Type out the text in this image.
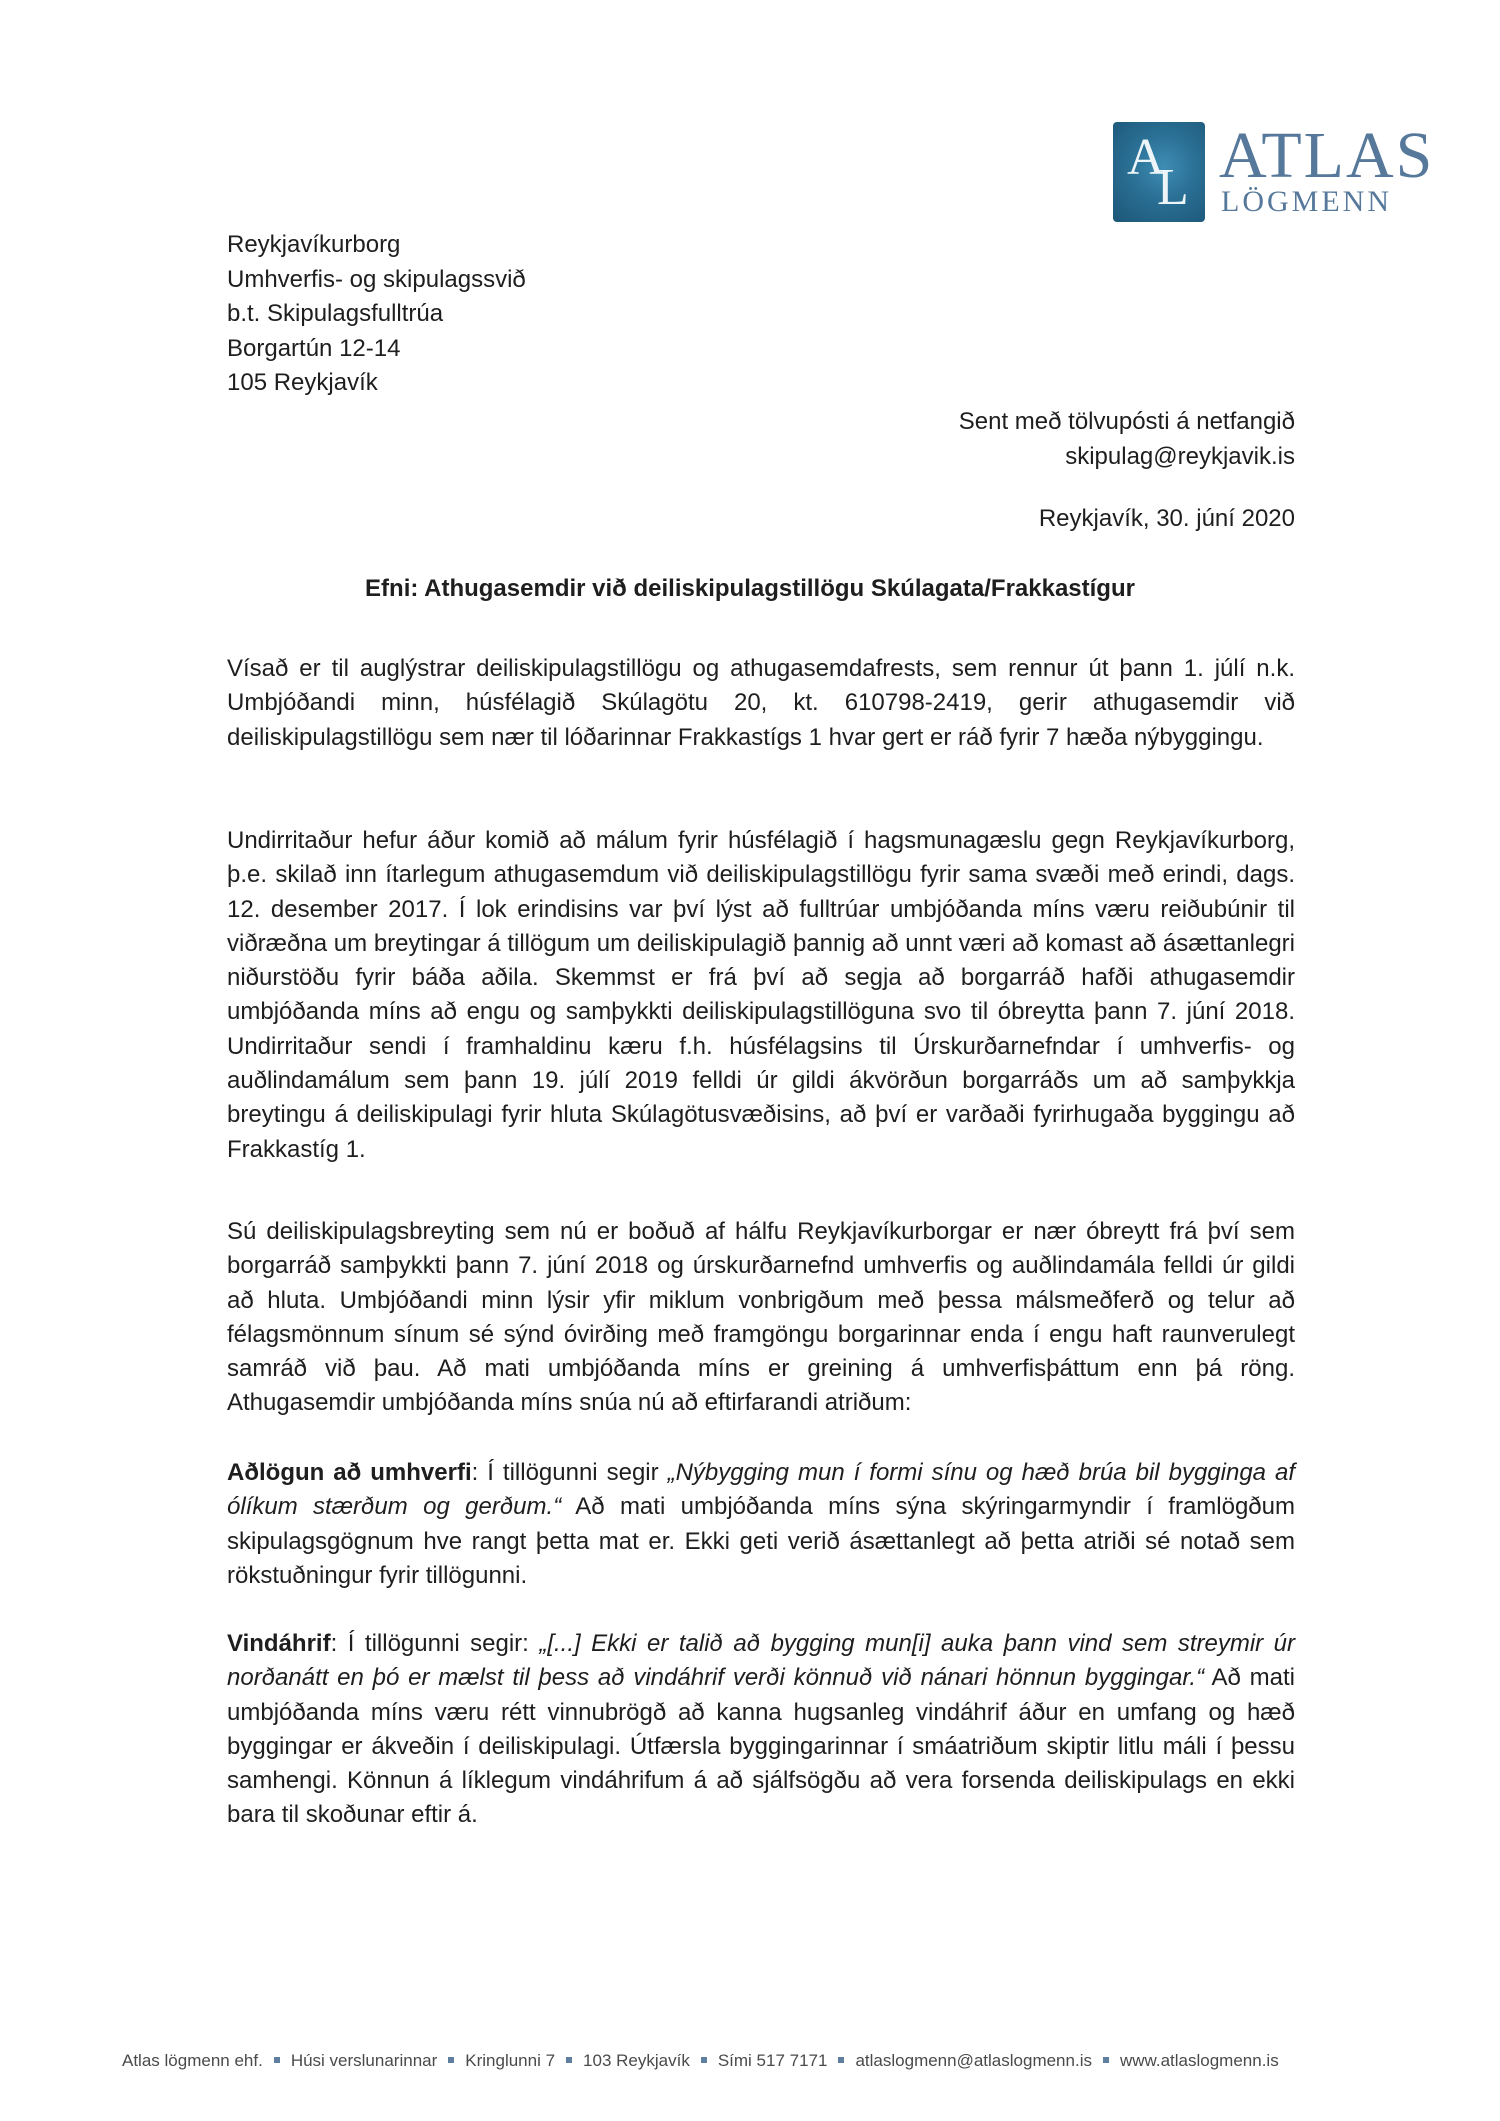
A
L ATLAS
LÖGMENN
Reykjavíkurborg
Umhverfis- og skipulagssvið
b.t. Skipulagsfulltrúa
Borgartún 12-14
105 Reykjavík
Sent með tölvupósti á netfangið
skipulag@reykjavik.is
Reykjavík, 30. júní 2020
Efni: Athugasemdir við deiliskipulagstillögu Skúlagata/Frakkastígur
Vísað er til auglýstrar deiliskipulagstillögu og athugasemdafrests, sem rennur út þann 1. júlí n.k. Umbjóðandi minn, húsfélagið Skúlagötu 20, kt. 610798-2419, gerir athugasemdir við deiliskipulagstillögu sem nær til lóðarinnar Frakkastígs 1 hvar gert er ráð fyrir 7 hæða nýbyggingu.
Undirritaður hefur áður komið að málum fyrir húsfélagið í hagsmunagæslu gegn Reykjavíkurborg, þ.e. skilað inn ítarlegum athugasemdum við deiliskipulagstillögu fyrir sama svæði með erindi, dags. 12. desember 2017. Í lok erindisins var því lýst að fulltrúar umbjóðanda míns væru reiðubúnir til viðræðna um breytingar á tillögum um deiliskipulagið þannig að unnt væri að komast að ásættanlegri niðurstöðu fyrir báða aðila. Skemmst er frá því að segja að borgarráð hafði athugasemdir umbjóðanda míns að engu og samþykkti deiliskipulagstillöguna svo til óbreytta þann 7. júní 2018. Undirritaður sendi í framhaldinu kæru f.h. húsfélagsins til Úrskurðarnefndar í umhverfis- og auðlindamálum sem þann 19. júlí 2019 felldi úr gildi ákvörðun borgarráðs um að samþykkja breytingu á deiliskipulagi fyrir hluta Skúlagötusvæðisins, að því er varðaði fyrirhugaða byggingu að Frakkastíg 1.
Sú deiliskipulagsbreyting sem nú er boðuð af hálfu Reykjavíkurborgar er nær óbreytt frá því sem borgarráð samþykkti þann 7. júní 2018 og úrskurðarnefnd umhverfis og auðlindamála felldi úr gildi að hluta. Umbjóðandi minn lýsir yfir miklum vonbrigðum með þessa málsmeðferð og telur að félagsmönnum sínum sé sýnd óvirðing með framgöngu borgarinnar enda í engu haft raunverulegt samráð við þau. Að mati umbjóðanda míns er greining á umhverfisþáttum enn þá röng. Athugasemdir umbjóðanda míns snúa nú að eftirfarandi atriðum:
Aðlögun að umhverfi: Í tillögunni segir „Nýbygging mun í formi sínu og hæð brúa bil bygginga af ólíkum stærðum og gerðum.“ Að mati umbjóðanda míns sýna skýringarmyndir í framlögðum skipulagsgögnum hve rangt þetta mat er. Ekki geti verið ásættanlegt að þetta atriði sé notað sem rökstuðningur fyrir tillögunni.
Vindáhrif: Í tillögunni segir: „[...] Ekki er talið að bygging mun[i] auka þann vind sem streymir úr norðanátt en þó er mælst til þess að vindáhrif verði könnuð við nánari hönnun byggingar.“ Að mati umbjóðanda míns væru rétt vinnubrögð að kanna hugsanleg vindáhrif áður en umfang og hæð byggingar er ákveðin í deiliskipulagi. Útfærsla byggingarinnar í smáatriðum skiptir litlu máli í þessu samhengi. Könnun á líklegum vindáhrifum á að sjálfsögðu að vera forsenda deiliskipulags en ekki bara til skoðunar eftir á.
Atlas lögmenn ehf. Húsi verslunarinnar Kringlunni 7 103 Reykjavík Sími 517 7171 atlaslogmenn@atlaslogmenn.is www.atlaslogmenn.is
